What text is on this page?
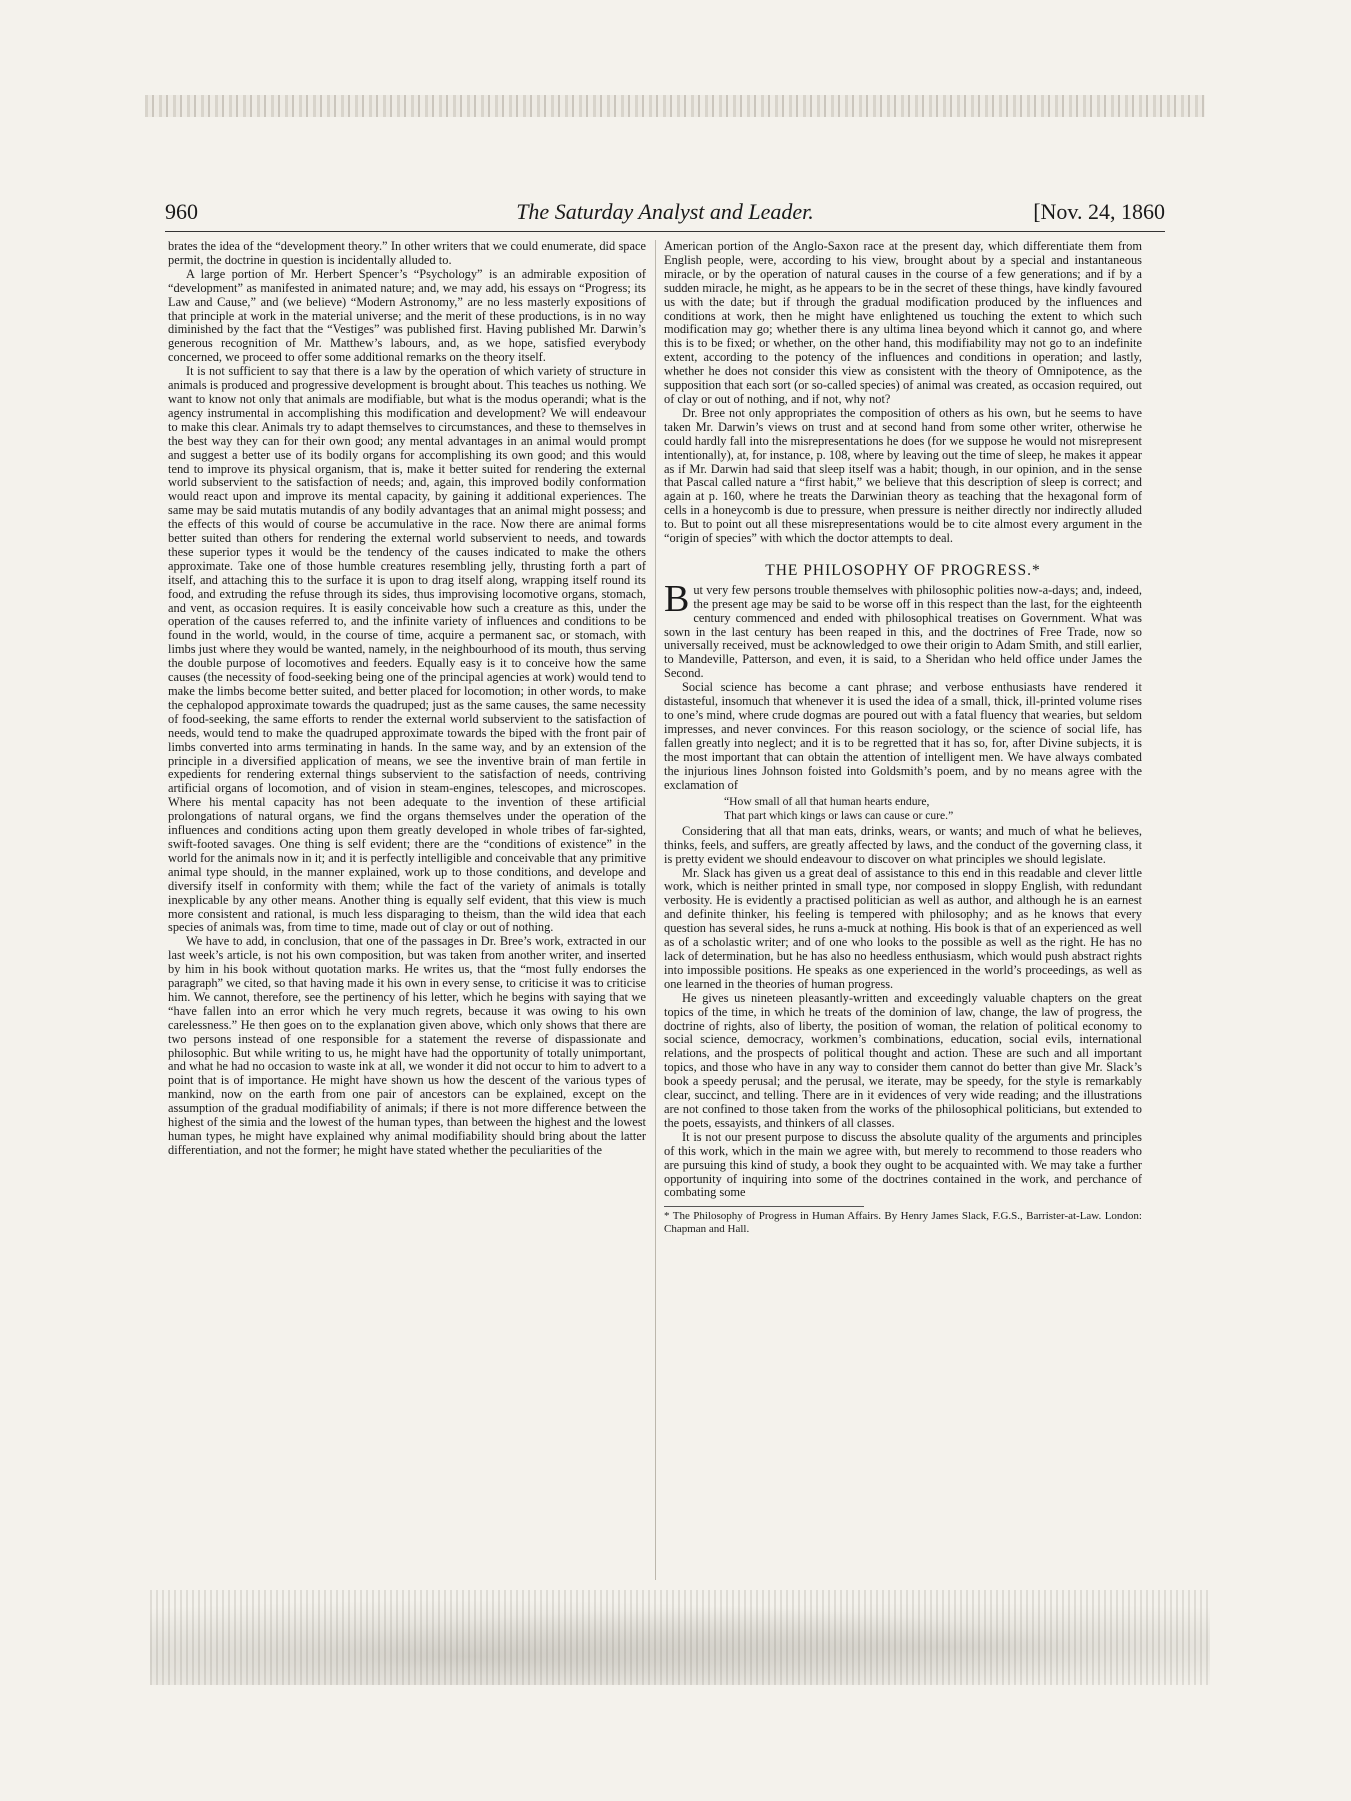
960	The Saturday Analyst and Leader.	[Nov. 24, 1860

brates the idea of the “development theory.” In other writers that we could enumerate, did space permit, the doctrine in question is incidentally alluded to.

A large portion of Mr. Herbert Spencer’s “Psychology” is an admirable exposition of “development” as manifested in animated nature; and, we may add, his essays on “Progress; its Law and Cause,” and (we believe) “Modern Astronomy,” are no less masterly expositions of that principle at work in the material universe; and the merit of these productions, is in no way diminished by the fact that the “Vestiges” was published first. Having published Mr. Darwin’s generous recognition of Mr. Matthew’s labours, and, as we hope, satisfied everybody concerned, we proceed to offer some additional remarks on the theory itself.

It is not sufficient to say that there is a law by the operation of which variety of structure in animals is produced and progressive development is brought about. This teaches us nothing. We want to know not only that animals are modifiable, but what is the modus operandi; what is the agency instrumental in accomplishing this modification and development? We will endeavour to make this clear. Animals try to adapt themselves to circumstances, and these to themselves in the best way they can for their own good; any mental advantages in an animal would prompt and suggest a better use of its bodily organs for accomplishing its own good; and this would tend to improve its physical organism, that is, make it better suited for rendering the external world subservient to the satisfaction of needs; and, again, this improved bodily conformation would react upon and improve its mental capacity, by gaining it additional experiences. The same may be said mutatis mutandis of any bodily advantages that an animal might possess; and the effects of this would of course be accumulative in the race. Now there are animal forms better suited than others for rendering the external world subservient to needs, and towards these superior types it would be the tendency of the causes indicated to make the others approximate. Take one of those humble creatures resembling jelly, thrusting forth a part of itself, and attaching this to the surface it is upon to drag itself along, wrapping itself round its food, and extruding the refuse through its sides, thus improvising locomotive organs, stomach, and vent, as occasion requires. It is easily conceivable how such a creature as this, under the operation of the causes referred to, and the infinite variety of influences and conditions to be found in the world, would, in the course of time, acquire a permanent sac, or stomach, with limbs just where they would be wanted, namely, in the neighbourhood of its mouth, thus serving the double purpose of locomotives and feeders. Equally easy is it to conceive how the same causes (the necessity of food-seeking being one of the principal agencies at work) would tend to make the limbs become better suited, and better placed for locomotion; in other words, to make the cephalopod approximate towards the quadruped; just as the same causes, the same necessity of food-seeking, the same efforts to render the external world subservient to the satisfaction of needs, would tend to make the quadruped approximate towards the biped with the front pair of limbs converted into arms terminating in hands. In the same way, and by an extension of the principle in a diversified application of means, we see the inventive brain of man fertile in expedients for rendering external things subservient to the satisfaction of needs, contriving artificial organs of locomotion, and of vision in steam-engines, telescopes, and microscopes. Where his mental capacity has not been adequate to the invention of these artificial prolongations of natural organs, we find the organs themselves under the operation of the influences and conditions acting upon them greatly developed in whole tribes of far-sighted, swift-footed savages. One thing is self evident; there are the “conditions of existence” in the world for the animals now in it; and it is perfectly intelligible and conceivable that any primitive animal type should, in the manner explained, work up to those conditions, and develope and diversify itself in conformity with them; while the fact of the variety of animals is totally inexplicable by any other means. Another thing is equally self evident, that this view is much more consistent and rational, is much less disparaging to theism, than the wild idea that each species of animals was, from time to time, made out of clay or out of nothing.

We have to add, in conclusion, that one of the passages in Dr. Bree’s work, extracted in our last week’s article, is not his own composition, but was taken from another writer, and inserted by him in his book without quotation marks. He writes us, that the “most fully endorses the paragraph” we cited, so that having made it his own in every sense, to criticise it was to criticise him. We cannot, therefore, see the pertinency of his letter, which he begins with saying that we “have fallen into an error which he very much regrets, because it was owing to his own carelessness.” He then goes on to the explanation given above, which only shows that there are two persons instead of one responsible for a statement the reverse of dispassionate and philosophic. But while writing to us, he might have had the opportunity of totally unimportant, and what he had no occasion to waste ink at all, we wonder it did not occur to him to advert to a point that is of importance. He might have shown us how the descent of the various types of mankind, now on the earth from one pair of ancestors can be explained, except on the assumption of the gradual modifiability of animals; if there is not more difference between the highest of the simia and the lowest of the human types, than between the highest and the lowest human types, he might have explained why animal modifiability should bring about the latter differentiation, and not the former; he might have stated whether the peculiarities of the

American portion of the Anglo-Saxon race at the present day, which differentiate them from English people, were, according to his view, brought about by a special and instantaneous miracle, or by the operation of natural causes in the course of a few generations; and if by a sudden miracle, he might, as he appears to be in the secret of these things, have kindly favoured us with the date; but if through the gradual modification produced by the influences and conditions at work, then he might have enlightened us touching the extent to which such modification may go; whether there is any ultima linea beyond which it cannot go, and where this is to be fixed; or whether, on the other hand, this modifiability may not go to an indefinite extent, according to the potency of the influences and conditions in operation; and lastly, whether he does not consider this view as consistent with the theory of Omnipotence, as the supposition that each sort (or so-called species) of animal was created, as occasion required, out of clay or out of nothing, and if not, why not?

Dr. Bree not only appropriates the composition of others as his own, but he seems to have taken Mr. Darwin’s views on trust and at second hand from some other writer, otherwise he could hardly fall into the misrepresentations he does (for we suppose he would not misrepresent intentionally), at, for instance, p. 108, where by leaving out the time of sleep, he makes it appear as if Mr. Darwin had said that sleep itself was a habit; though, in our opinion, and in the sense that Pascal called nature a “first habit,” we believe that this description of sleep is correct; and again at p. 160, where he treats the Darwinian theory as teaching that the hexagonal form of cells in a honeycomb is due to pressure, when pressure is neither directly nor indirectly alluded to. But to point out all these misrepresentations would be to cite almost every argument in the “origin of species” with which the doctor attempts to deal.

THE PHILOSOPHY OF PROGRESS.*

But very few persons trouble themselves with philosophic polities now-a-days; and, indeed, the present age may be said to be worse off in this respect than the last, for the eighteenth century commenced and ended with philosophical treatises on Government. What was sown in the last century has been reaped in this, and the doctrines of Free Trade, now so universally received, must be acknowledged to owe their origin to Adam Smith, and still earlier, to Mandeville, Patterson, and even, it is said, to a Sheridan who held office under James the Second.

Social science has become a cant phrase; and verbose enthusiasts have rendered it distasteful, insomuch that whenever it is used the idea of a small, thick, ill-printed volume rises to one’s mind, where crude dogmas are poured out with a fatal fluency that wearies, but seldom impresses, and never convinces. For this reason sociology, or the science of social life, has fallen greatly into neglect; and it is to be regretted that it has so, for, after Divine subjects, it is the most important that can obtain the attention of intelligent men. We have always combated the injurious lines Johnson foisted into Goldsmith’s poem, and by no means agree with the exclamation of

“How small of all that human hearts endure,
That part which kings or laws can cause or cure.”

Considering that all that man eats, drinks, wears, or wants; and much of what he believes, thinks, feels, and suffers, are greatly affected by laws, and the conduct of the governing class, it is pretty evident we should endeavour to discover on what principles we should legislate.

Mr. Slack has given us a great deal of assistance to this end in this readable and clever little work, which is neither printed in small type, nor composed in sloppy English, with redundant verbosity. He is evidently a practised politician as well as author, and although he is an earnest and definite thinker, his feeling is tempered with philosophy; and as he knows that every question has several sides, he runs a-muck at nothing. His book is that of an experienced as well as of a scholastic writer; and of one who looks to the possible as well as the right. He has no lack of determination, but he has also no heedless enthusiasm, which would push abstract rights into impossible positions. He speaks as one experienced in the world’s proceedings, as well as one learned in the theories of human progress.

He gives us nineteen pleasantly-written and exceedingly valuable chapters on the great topics of the time, in which he treats of the dominion of law, change, the law of progress, the doctrine of rights, also of liberty, the position of woman, the relation of political economy to social science, democracy, workmen’s combinations, education, social evils, international relations, and the prospects of political thought and action. These are such and all important topics, and those who have in any way to consider them cannot do better than give Mr. Slack’s book a speedy perusal; and the perusal, we iterate, may be speedy, for the style is remarkably clear, succinct, and telling. There are in it evidences of very wide reading; and the illustrations are not confined to those taken from the works of the philosophical politicians, but extended to the poets, essayists, and thinkers of all classes.

It is not our present purpose to discuss the absolute quality of the arguments and principles of this work, which in the main we agree with, but merely to recommend to those readers who are pursuing this kind of study, a book they ought to be acquainted with. We may take a further opportunity of inquiring into some of the doctrines contained in the work, and perchance of combating some

* The Philosophy of Progress in Human Affairs. By Henry James Slack, F.G.S., Barrister-at-Law. London: Chapman and Hall.
